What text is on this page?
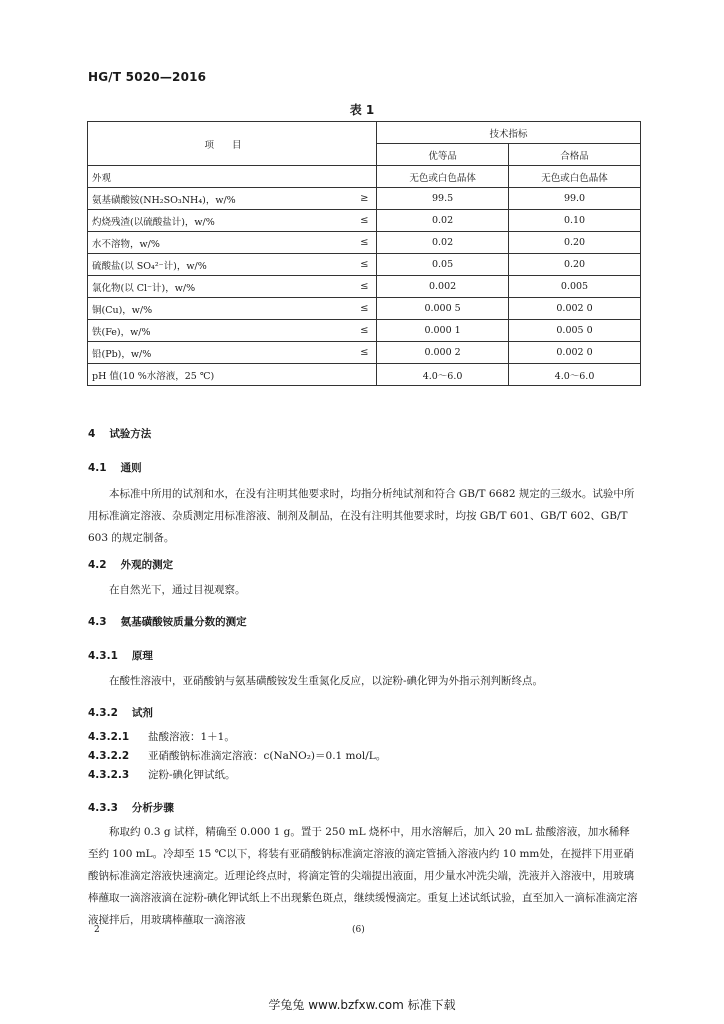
HG/T 5020—2016
表 1
项目		技术指标	
		优等品	合格品
外观		无色或白色晶体	无色或白色晶体
氨基磺酸铵(NH₂SO₃NH₄)，w/%	≥	99.5	99.0
灼烧残渣(以硫酸盐计)，w/%	≤	0.02	0.10
水不溶物，w/%	≤	0.02	0.20
硫酸盐(以 SO₄²⁻计)，w/%	≤	0.05	0.20
氯化物(以 Cl⁻计)，w/%	≤	0.002	0.005
铜(Cu)，w/%	≤	0.000 5	0.002 0
铁(Fe)，w/%	≤	0.000 1	0.005 0
铅(Pb)，w/%	≤	0.000 2	0.002 0
pH 值(10 %水溶液，25 ℃)		4.0～6.0	4.0～6.0
4 试验方法
4.1 通则

本标准中所用的试剂和水，在没有注明其他要求时，均指分析纯试剂和符合 GB/T 6682 规定的三级水。试验中所用标准滴定溶液、杂质测定用标准溶液、制剂及制品，在没有注明其他要求时，均按 GB/T 601、GB/T 602、GB/T 603 的规定制备。

4.2 外观的测定

在自然光下，通过目视观察。

4.3 氨基磺酸铵质量分数的测定
4.3.1 原理

在酸性溶液中，亚硝酸钠与氨基磺酸铵发生重氮化反应，以淀粉-碘化钾为外指示剂判断终点。

4.3.2 试剂
4.3.2.1 盐酸溶液：1＋1。
4.3.2.2 亚硝酸钠标准滴定溶液：c(NaNO₂)＝0.1 mol/L。
4.3.2.3 淀粉-碘化钾试纸。
4.3.3 分析步骤

称取约 0.3 g 试样，精确至 0.000 1 g。置于 250 mL 烧杯中，用水溶解后，加入 20 mL 盐酸溶液，加水稀释至约 100 mL。冷却至 15 ℃以下，将装有亚硝酸钠标准滴定溶液的滴定管插入溶液内约 10 mm处，在搅拌下用亚硝酸钠标准滴定溶液快速滴定。近理论终点时，将滴定管的尖端提出液面，用少量水冲洗尖端，洗液并入溶液中，用玻璃棒蘸取一滴溶液滴在淀粉-碘化钾试纸上不出现紫色斑点，继续缓慢滴定。重复上述试纸试验，直至加入一滴标准滴定溶液搅拌后，用玻璃棒蘸取一滴溶液

2	(6)
学兔兔 www.bzfxw.com 标准下载
